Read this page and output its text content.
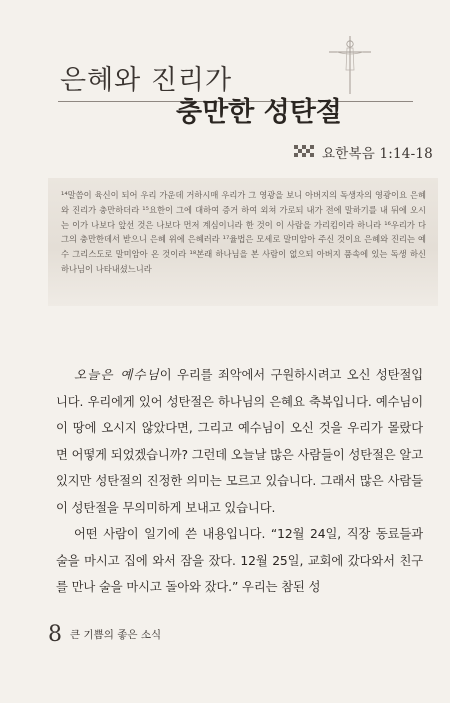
은혜와 진리가
충만한 성탄절
요한복음 1:14-18
¹⁴말씀이 육신이 되어 우리 가운데 거하시매 우리가 그 영광을 보니 아버지의 독생자의 영광이요 은혜와 진리가 충만하더라 ¹⁵요한이 그에 대하여 증거 하여 외쳐 가로되 내가 전에 말하기를 내 뒤에 오시는 이가 나보다 앞선 것은 나보다 먼저 계심이니라 한 것이 이 사람을 가리킴이라 하니라 ¹⁶우리가 다 그의 충만한데서 받으니 은혜 위에 은혜러라 ¹⁷율법은 모세로 말미암아 주신 것이요 은혜와 진리는 예수 그리스도로 말미암아 온 것이라 ¹⁸본래 하나님을 본 사람이 없으되 아버지 품속에 있는 독생 하신 하나님이 나타내셨느니라

오늘은 예수님이 우리를 죄악에서 구원하시려고 오신 성탄절입니다. 우리에게 있어 성탄절은 하나님의 은혜요 축복입니다. 예수님이 이 땅에 오시지 않았다면, 그리고 예수님이 오신 것을 우리가 몰랐다면 어떻게 되었겠습니까? 그런데 오늘날 많은 사람들이 성탄절은 알고 있지만 성탄절의 진정한 의미는 모르고 있습니다. 그래서 많은 사람들이 성탄절을 무의미하게 보내고 있습니다.

어떤 사람이 일기에 쓴 내용입니다. “12월 24일, 직장 동료들과 술을 마시고 집에 와서 잠을 잤다. 12월 25일, 교회에 갔다와서 친구를 만나 술을 마시고 돌아와 잤다.” 우리는 참된 성

8 큰 기쁨의 좋은 소식
